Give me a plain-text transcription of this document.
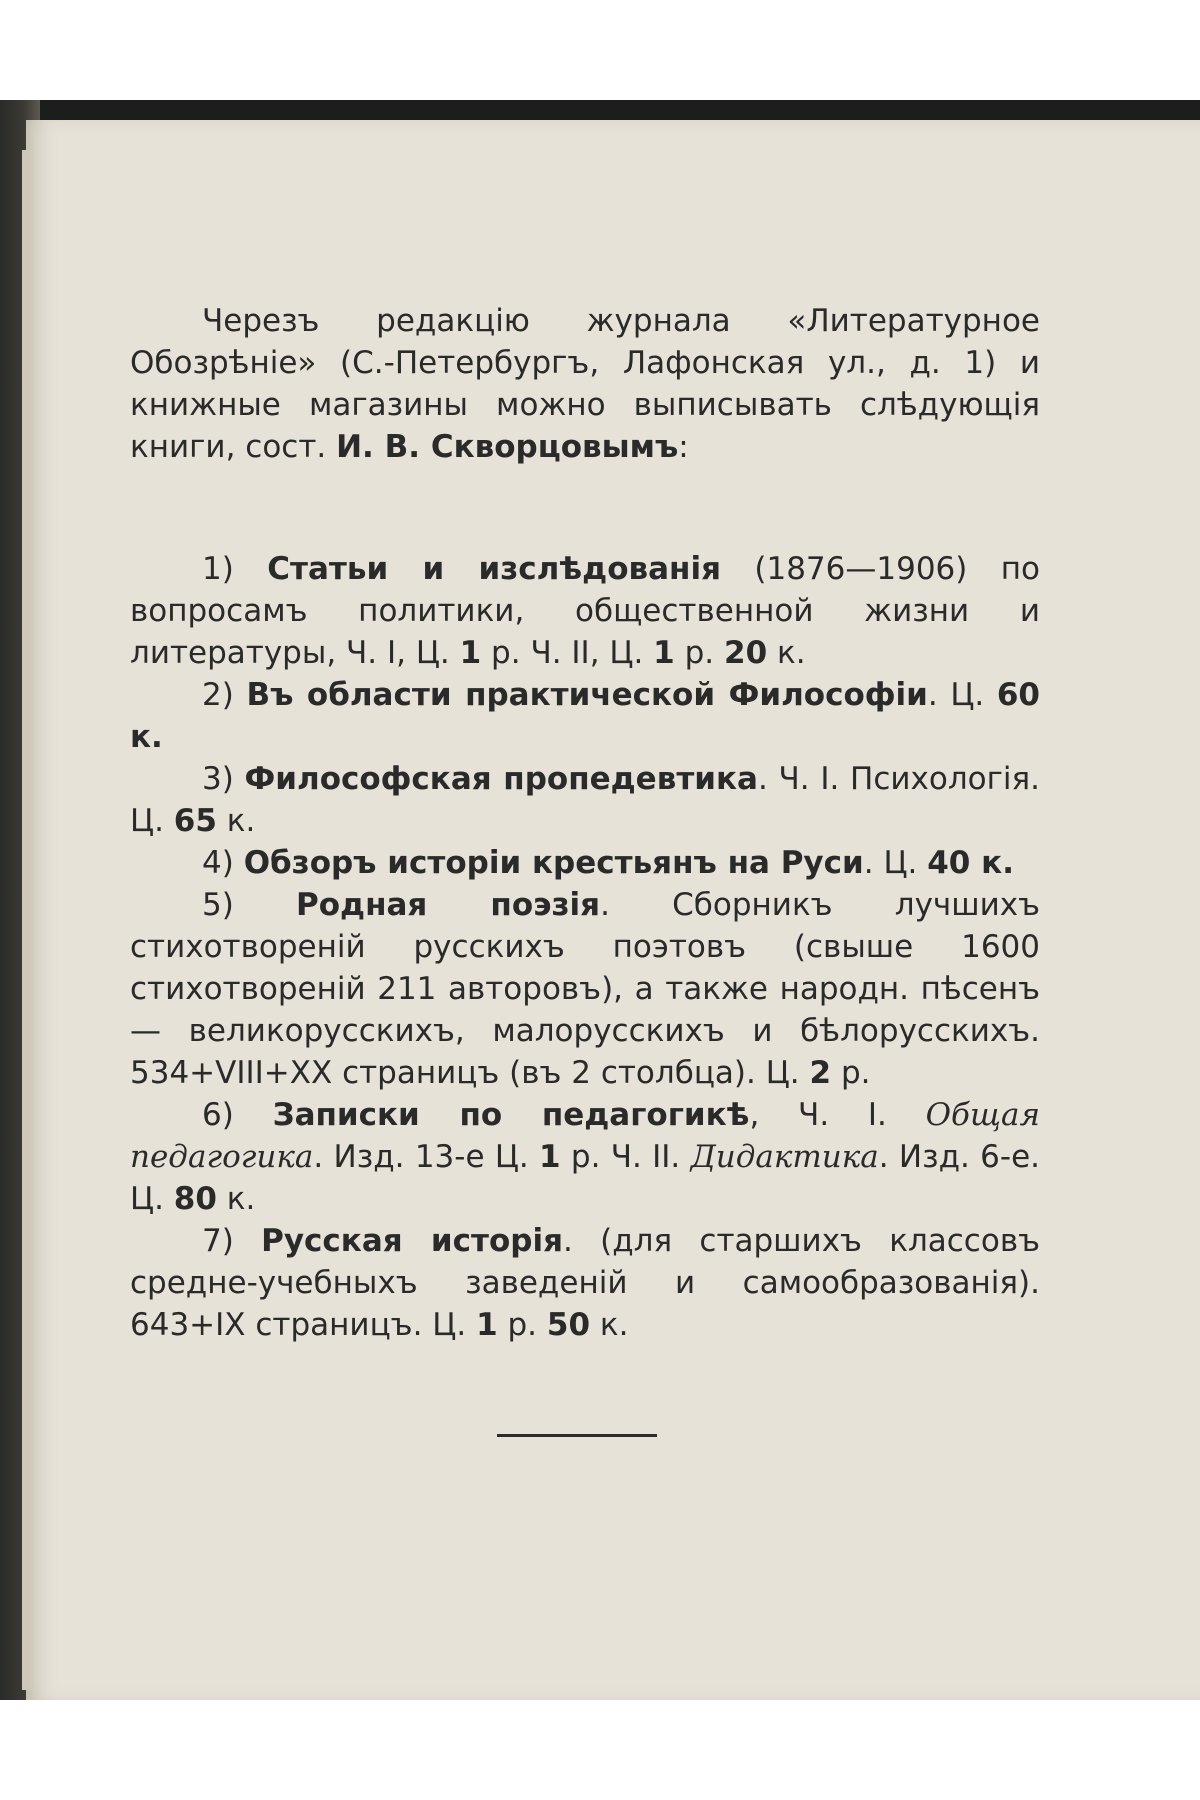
Черезъ редакцію журнала «Литературное Обозрѣніе» (С.-Петербургъ, Лафонская ул., д. 1) и книжные магазины можно выписывать слѣдующія книги, сост. И. В. Скворцовымъ:

1) Статьи и изслѣдованія (1876—1906) по вопросамъ политики, общественной жизни и литературы, Ч. I, Ц. 1 р. Ч. II, Ц. 1 р. 20 к.

2) Въ области практической Философіи. Ц. 60 к.

3) Философская пропедевтика. Ч. I. Психологія. Ц. 65 к.

4) Обзоръ исторіи крестьянъ на Руси. Ц. 40 к.

5) Родная поэзія. Сборникъ лучшихъ стихотвореній русскихъ поэтовъ (свыше 1600 стихотвореній 211 авторовъ), а также народн. пѣсенъ— великорусскихъ, малорусскихъ и бѣлорусскихъ. 534+VIII+XX страницъ (въ 2 столбца). Ц. 2 р.

6) Записки по педагогикѣ, Ч. I. Общая педагогика. Изд. 13-е Ц. 1 р. Ч. II. Дидактика. Изд. 6-е. Ц. 80 к.

7) Русская исторія. (для старшихъ классовъ средне-учебныхъ заведеній и самообразованія). 643+IX страницъ. Ц. 1 р. 50 к.
